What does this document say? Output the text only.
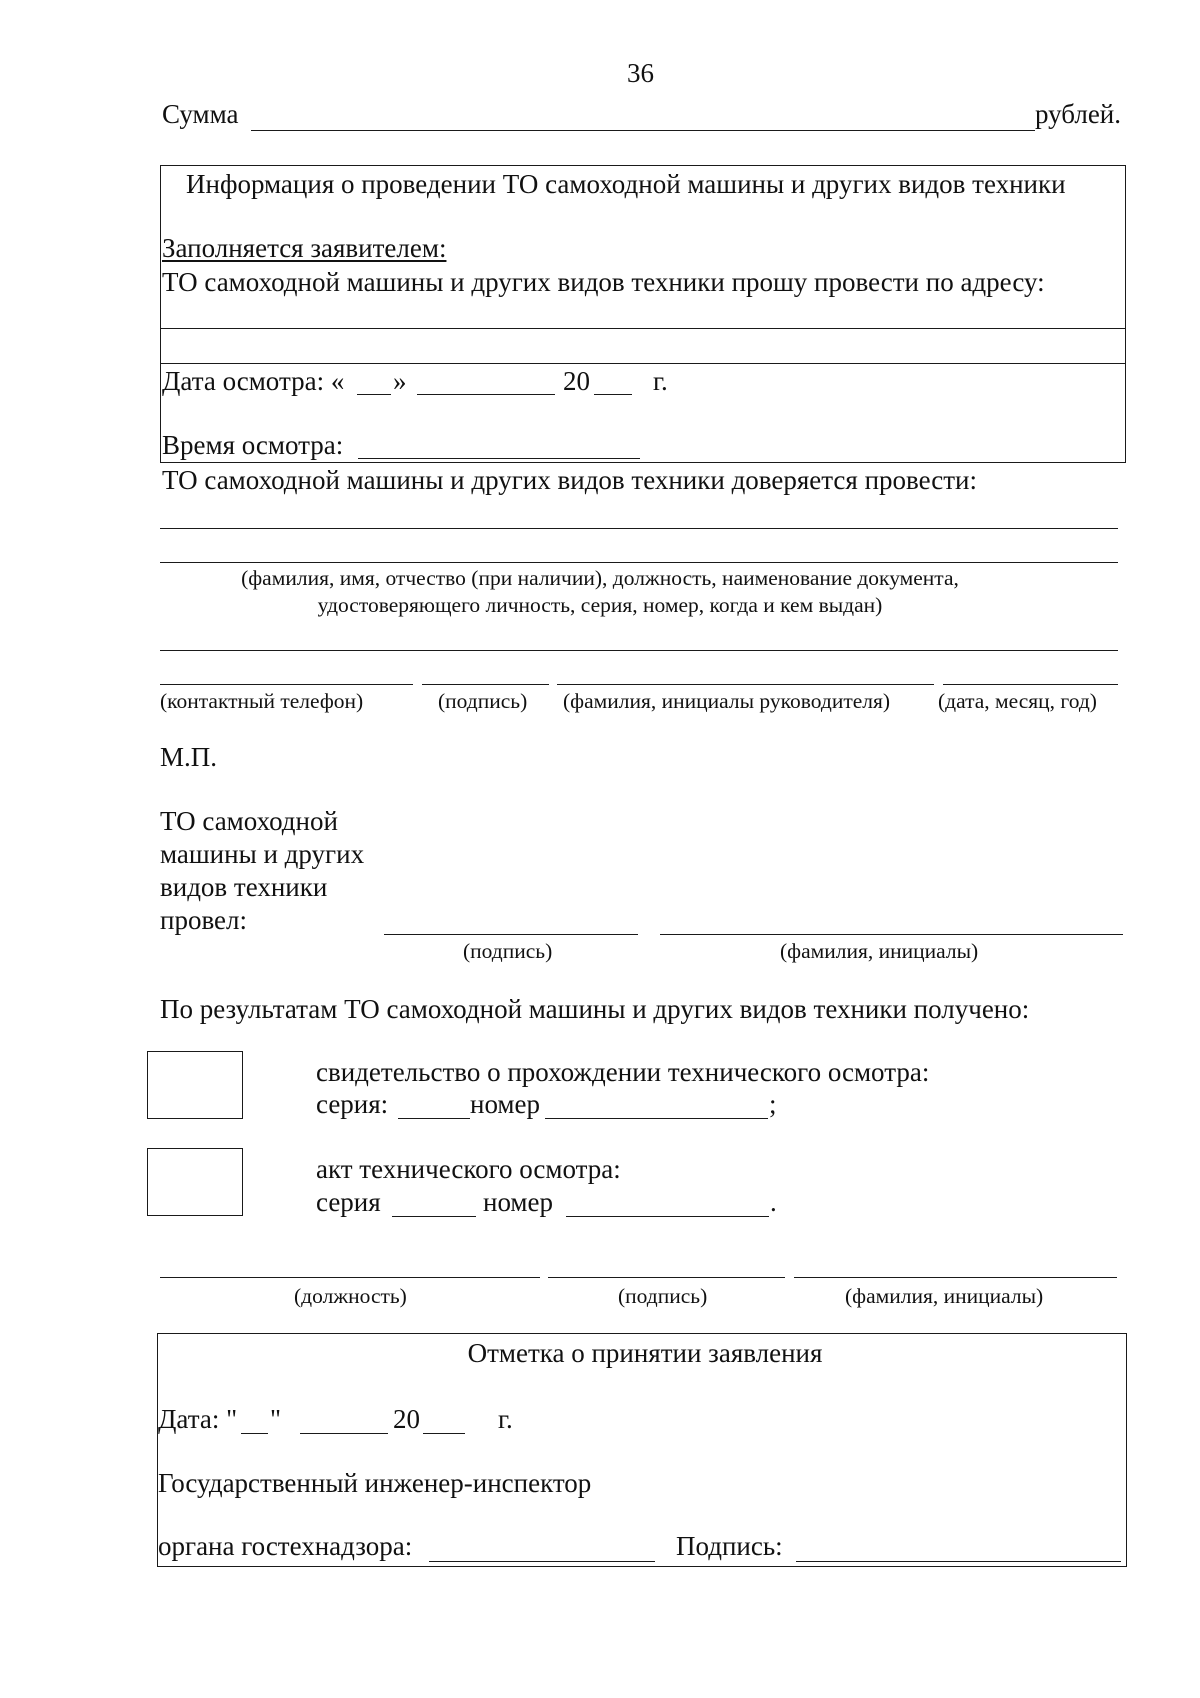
36
Сумма	рублей.
Информация о проведении ТО самоходной машины и других видов техники
Заполняется заявителем:
ТО самоходной машины и других видов техники прошу провести по адресу:
Дата осмотра: « »	20 г.
Время осмотра:
ТО самоходной машины и других видов техники доверяется провести:
(фамилия, имя, отчество (при наличии), должность, наименование документа,
удостоверяющего личность, серия, номер, когда и кем выдан)
(контактный телефон)	(подпись) (фамилия, инициалы руководителя) (дата, месяц, год)
М.П.
ТО самоходной
машины и других
видов техники
провел:
(подпись)	(фамилия, инициалы)
По результатам ТО самоходной машины и других видов техники получено:
свидетельство о прохождении технического осмотра:
серия:	номер	;
акт технического осмотра:
серия	номер	.
(должность)	(подпись)	(фамилия, инициалы)
Отметка о принятии заявления
Дата: " "	20	г.
Государственный инженер-инспектор
органа гостехнадзора:	Подпись:
